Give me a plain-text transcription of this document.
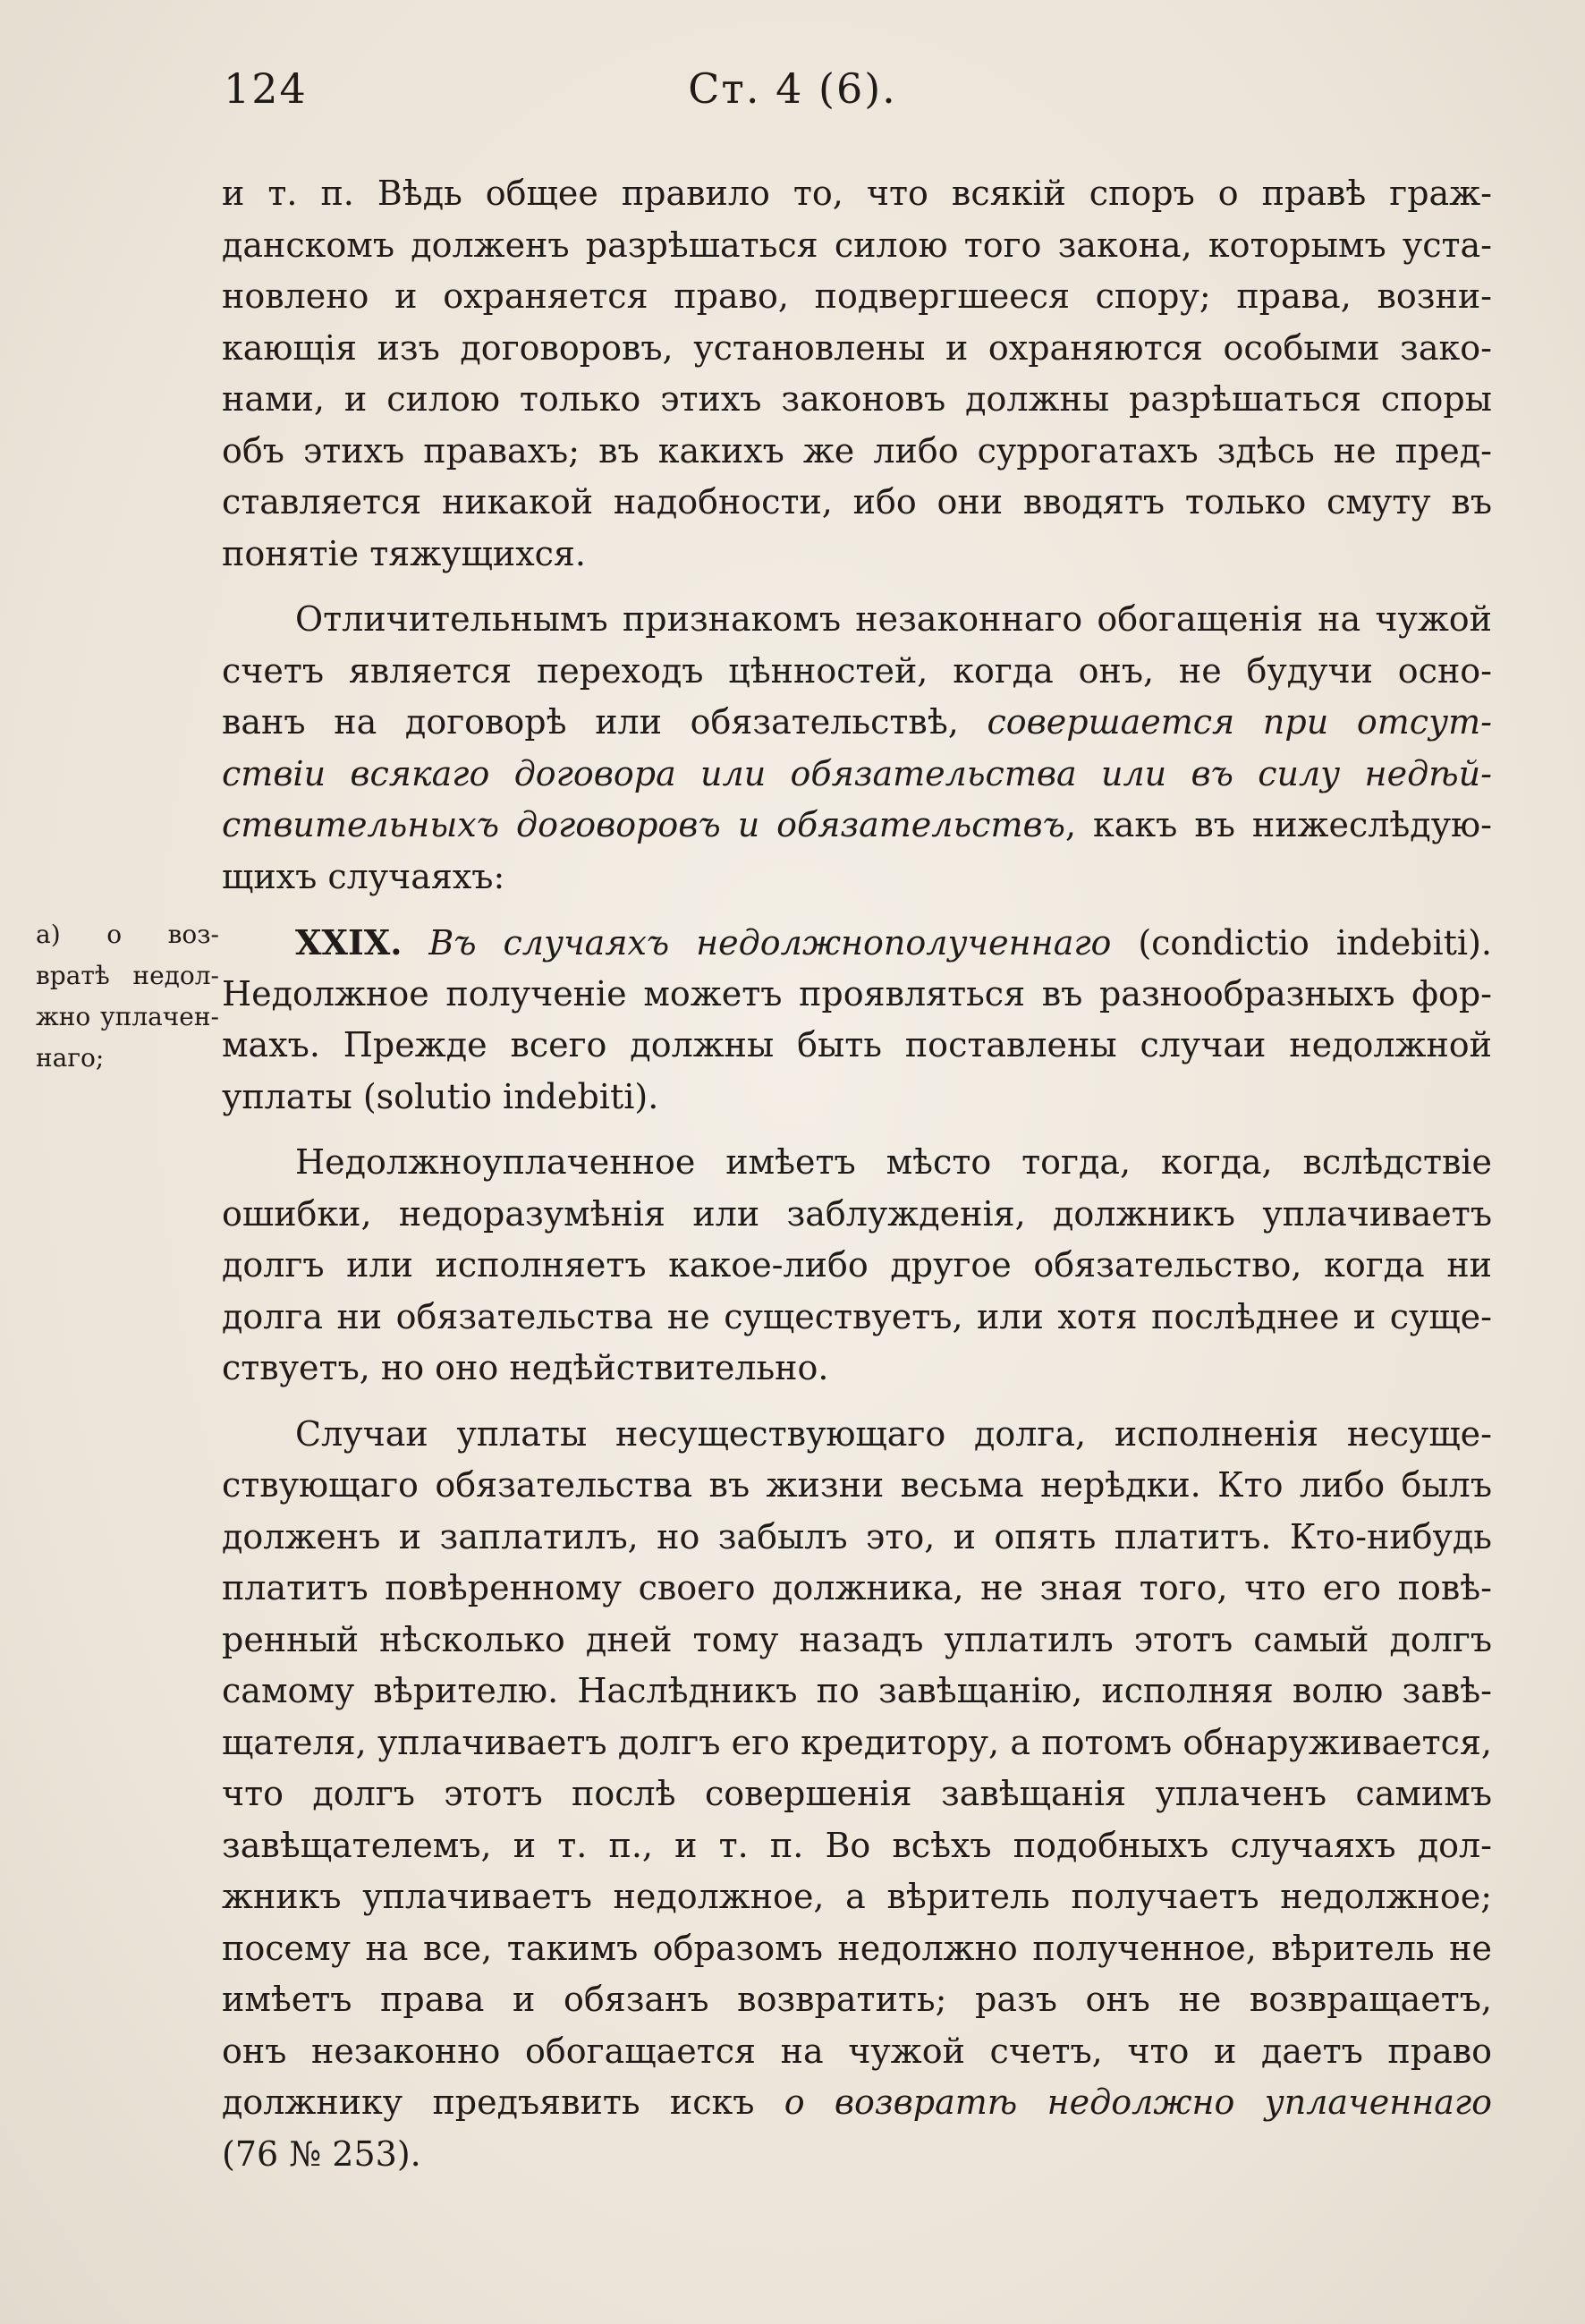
124	Ст. 4 (6).
а) о воз-
вратѣ недол-
жно уплачен-
наго;
и т. п. Вѣдь общее правило то, что всякій споръ о правѣ граж-
данскомъ долженъ разрѣшаться силою того закона, которымъ уста-
новлено и охраняется право, подвергшееся спору; права, возни-
кающія изъ договоровъ, установлены и охраняются особыми зако-
нами, и силою только этихъ законовъ должны разрѣшаться споры
объ этихъ правахъ; въ какихъ же либо суррогатахъ здѣсь не пред-
ставляется никакой надобности, ибо они вводятъ только смуту въ
понятіе тяжущихся.
Отличительнымъ признакомъ незаконнаго обогащенія на чужой
счетъ является переходъ цѣнностей, когда онъ, не будучи осно-
ванъ на договорѣ или обязательствѣ, совершается при отсут-
ствіи всякаго договора или обязательства или въ силу недѣй-
ствительныхъ договоровъ и обязательствъ, какъ въ нижеслѣдую-
щихъ случаяхъ:
XXIX. Въ случаяхъ недолжнополученнаго (condictio indebiti).
Недолжное полученіе можетъ проявляться въ разнообразныхъ фор-
махъ. Прежде всего должны быть поставлены случаи недолжной
уплаты (solutio indebiti).
Недолжноуплаченное имѣетъ мѣсто тогда, когда, вслѣдствіе
ошибки, недоразумѣнія или заблужденія, должникъ уплачиваетъ
долгъ или исполняетъ какое-либо другое обязательство, когда ни
долга ни обязательства не существуетъ, или хотя послѣднее и суще-
ствуетъ, но оно недѣйствительно.
Случаи уплаты несуществующаго долга, исполненія несуще-
ствующаго обязательства въ жизни весьма нерѣдки. Кто либо былъ
долженъ и заплатилъ, но забылъ это, и опять платитъ. Кто-нибудь
платитъ повѣренному своего должника, не зная того, что его повѣ-
ренный нѣсколько дней тому назадъ уплатилъ этотъ самый долгъ
самому вѣрителю. Наслѣдникъ по завѣщанію, исполняя волю завѣ-
щателя, уплачиваетъ долгъ его кредитору, а потомъ обнаруживается,
что долгъ этотъ послѣ совершенія завѣщанія уплаченъ самимъ
завѣщателемъ, и т. п., и т. п. Во всѣхъ подобныхъ случаяхъ дол-
жникъ уплачиваетъ недолжное, а вѣритель получаетъ недолжное;
посему на все, такимъ образомъ недолжно полученное, вѣритель не
имѣетъ права и обязанъ возвратить; разъ онъ не возвращаетъ,
онъ незаконно обогащается на чужой счетъ, что и даетъ право
должнику предъявить искъ о возвратѣ недолжно уплаченнаго
(76 № 253).
